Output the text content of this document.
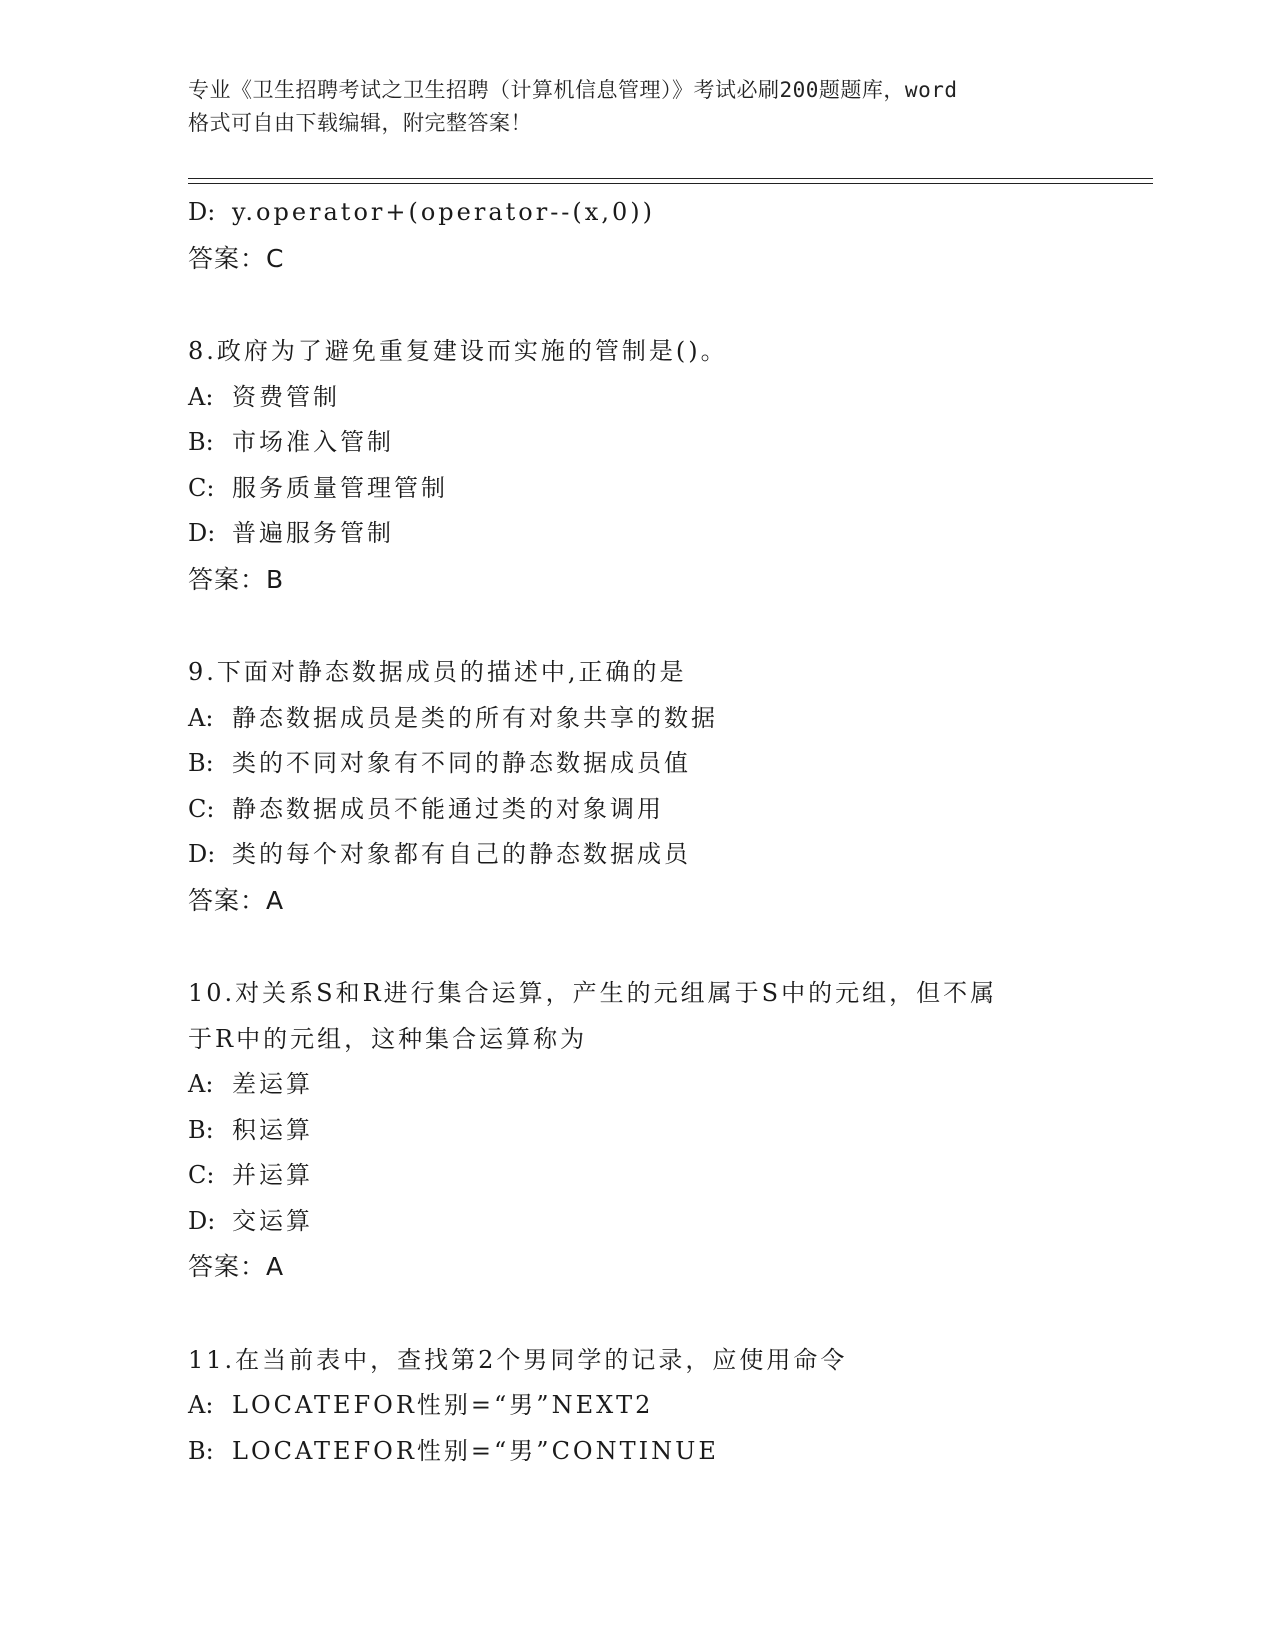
专业《卫生招聘考试之卫生招聘（计算机信息管理）》考试必刷200题题库，word
格式可自由下载编辑，附完整答案！
D: y.operator+(operator--(x,0))
答案：C
8.政府为了避免重复建设而实施的管制是()。
A: 资费管制
B: 市场准入管制
C: 服务质量管理管制
D: 普遍服务管制
答案：B
9.下面对静态数据成员的描述中,正确的是
A: 静态数据成员是类的所有对象共享的数据
B: 类的不同对象有不同的静态数据成员值
C: 静态数据成员不能通过类的对象调用
D: 类的每个对象都有自己的静态数据成员
答案：A
10.对关系S和R进行集合运算，产生的元组属于S中的元组，但不属
于R中的元组，这种集合运算称为
A: 差运算
B: 积运算
C: 并运算
D: 交运算
答案：A
11.在当前表中，查找第2个男同学的记录，应使用命令
A: LOCATEFOR性别=“男”NEXT2
B: LOCATEFOR性别=“男”CONTINUE
